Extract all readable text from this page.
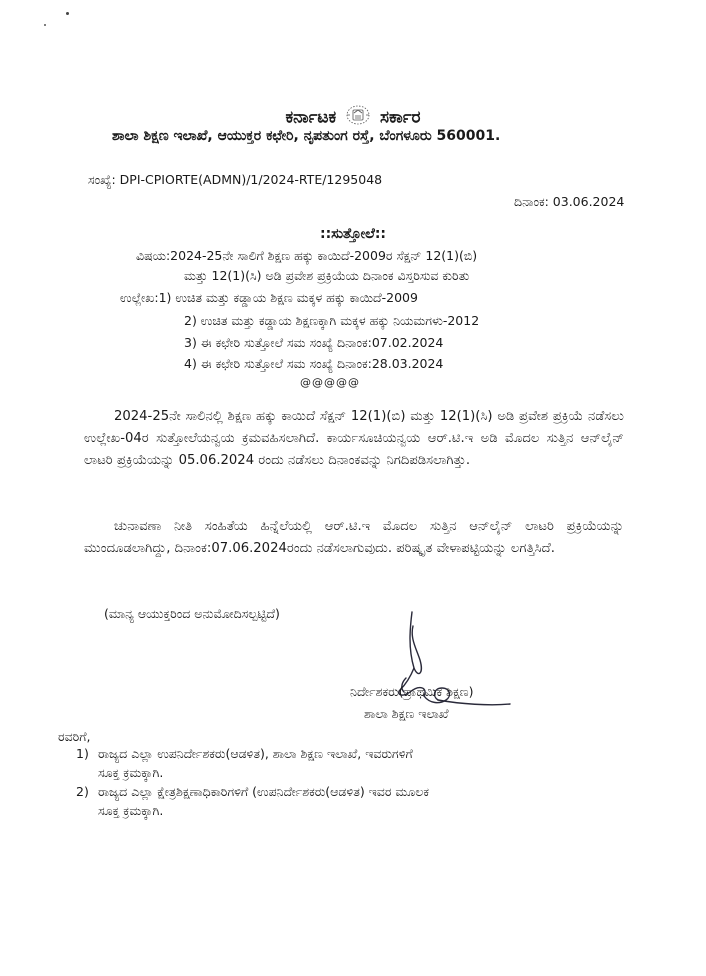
ಕರ್ನಾಟಕ	ಸರ್ಕಾರ
ಶಾಲಾ ಶಿಕ್ಷಣ ಇಲಾಖೆ, ಆಯುಕ್ತರ ಕಛೇರಿ, ನೃಪತುಂಗ ರಸ್ತೆ, ಬೆಂಗಳೂರು 560001.
ಸಂಖ್ಯೆ: DPI-CPIORTE(ADMN)/1/2024-RTE/1295048
ದಿನಾಂಕ: 03.06.2024
::ಸುತ್ತೋಲೆ::
ವಿಷಯ:2024-25ನೇ ಸಾಲಿಗೆ ಶಿಕ್ಷಣ ಹಕ್ಕು ಕಾಯಿದೆ-2009ರ ಸೆಕ್ಷನ್ 12(1)(ಬಿ)
ಮತ್ತು 12(1)(ಸಿ) ಅಡಿ ಪ್ರವೇಶ ಪ್ರಕ್ರಿಯೆಯ ದಿನಾಂಕ ವಿಸ್ತರಿಸುವ ಕುರಿತು
ಉಲ್ಲೇಖ:1) ಉಚಿತ ಮತ್ತು ಕಡ್ಡಾಯ ಶಿಕ್ಷಣ ಮಕ್ಕಳ ಹಕ್ಕು ಕಾಯಿದೆ-2009
2) ಉಚಿತ ಮತ್ತು ಕಡ್ಡಾಯ ಶಿಕ್ಷಣಕ್ಕಾಗಿ ಮಕ್ಕಳ ಹಕ್ಕು ನಿಯಮಗಳು-2012
3) ಈ ಕಛೇರಿ ಸುತ್ತೋಲೆ ಸಮ ಸಂಖ್ಯೆ ದಿನಾಂಕ:07.02.2024
4) ಈ ಕಛೇರಿ ಸುತ್ತೋಲೆ ಸಮ ಸಂಖ್ಯೆ ದಿನಾಂಕ:28.03.2024
@@@@@
2024-25ನೇ ಸಾಲಿನಲ್ಲಿ ಶಿಕ್ಷಣ ಹಕ್ಕು ಕಾಯಿದೆ ಸೆಕ್ಷನ್ 12(1)(ಬಿ) ಮತ್ತು 12(1)(ಸಿ) ಅಡಿ ಪ್ರವೇಶ ಪ್ರಕ್ರಿಯೆ ನಡೆಸಲು ಉಲ್ಲೇಖ-04ರ ಸುತ್ತೋಲೆಯನ್ವಯ ಕ್ರಮವಹಿಸಲಾಗಿದೆ. ಕಾರ್ಯಸೂಚಿಯನ್ವಯ ಆರ್.ಟಿ.ಇ ಅಡಿ ಮೊದಲ ಸುತ್ತಿನ ಆನ್‌ಲೈನ್ ಲಾಟರಿ ಪ್ರಕ್ರಿಯೆಯನ್ನು 05.06.2024 ರಂದು ನಡೆಸಲು ದಿನಾಂಕವನ್ನು ನಿಗದಿಪಡಿಸಲಾಗಿತ್ತು.
ಚುನಾವಣಾ ನೀತಿ ಸಂಹಿತೆಯ ಹಿನ್ನೆಲೆಯಲ್ಲಿ ಆರ್.ಟಿ.ಇ ಮೊದಲ ಸುತ್ತಿನ ಆನ್‌ಲೈನ್ ಲಾಟರಿ ಪ್ರಕ್ರಿಯೆಯನ್ನು ಮುಂದೂಡಲಾಗಿದ್ದು, ದಿನಾಂಕ:07.06.2024ರಂದು ನಡೆಸಲಾಗುವುದು. ಪರಿಷ್ಕೃತ ವೇಳಾಪಟ್ಟಿಯನ್ನು ಲಗತ್ತಿಸಿದೆ.
(ಮಾನ್ಯ ಆಯುಕ್ತರಿಂದ ಅನುಮೋದಿಸಲ್ಪಟ್ಟಿದೆ)
ನಿರ್ದೇಶಕರು(ಪ್ರಾಥಮಿಕ ಶಿಕ್ಷಣ)
ಶಾಲಾ ಶಿಕ್ಷಣ ಇಲಾಖೆ
ರವರಿಗೆ,
1) ರಾಜ್ಯದ ಎಲ್ಲಾ ಉಪನಿರ್ದೇಶಕರು(ಆಡಳಿತ), ಶಾಲಾ ಶಿಕ್ಷಣ ಇಲಾಖೆ, ಇವರುಗಳಿಗೆ
ಸೂಕ್ತ ಕ್ರಮಕ್ಕಾಗಿ.
2) ರಾಜ್ಯದ ಎಲ್ಲಾ ಕ್ಷೇತ್ರಶಿಕ್ಷಣಾಧಿಕಾರಿಗಳಿಗೆ (ಉಪನಿರ್ದೇಶಕರು(ಆಡಳಿತ) ಇವರ ಮೂಲಕ
ಸೂಕ್ತ ಕ್ರಮಕ್ಕಾಗಿ.
